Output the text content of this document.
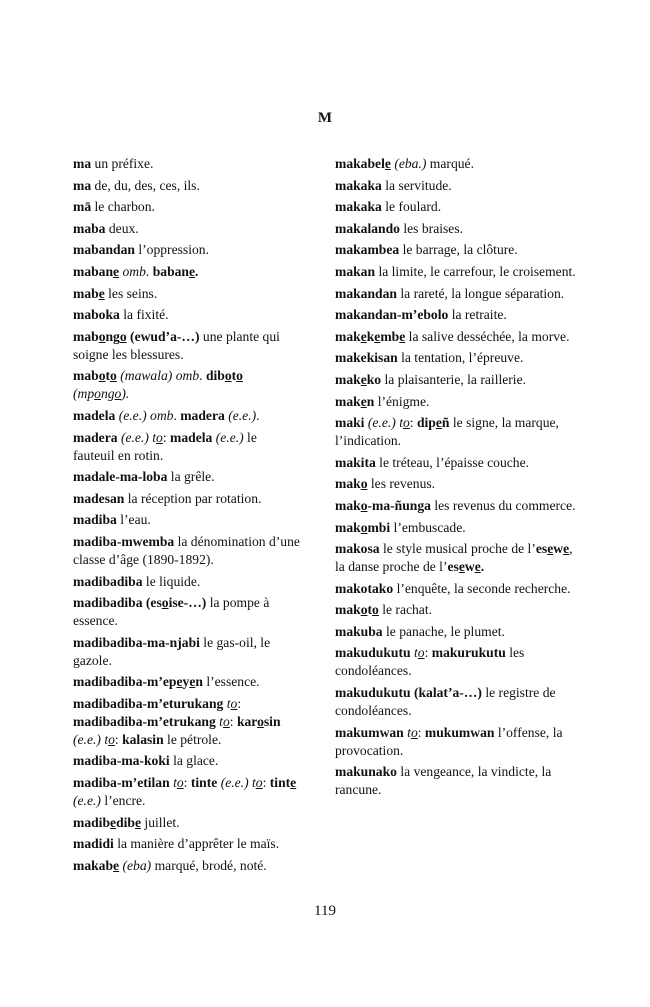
M
ma un préfixe.
ma de, du, des, ces, ils.
mā le charbon.
maba deux.
mabandan l’oppression.
mabane omb. babane.
mabe les seins.
maboka la fixité.
mabongo (ewud’a-…) une plante qui soigne les blessures.
maboto (mawala) omb. diboto (mpongo).
madela (e.e.) omb. madera (e.e.).
madera (e.e.) to: madela (e.e.) le fauteuil en rotin.
madale-ma-loba la grêle.
madesan la réception par rotation.
madiba l’eau.
madiba-mwemba la dénomination d’une classe d’âge (1890-1892).
madibadiba le liquide.
madibadiba (esoise-…) la pompe à essence.
madibadiba-ma-njabi le gas-oil, le gazole.
madibadiba-m’epeyen l’essence.
madibadiba-m’eturukang to: madibadiba-m’etrukang to: karosin (e.e.) to: kalasin le pétrole.
madiba-ma-koki la glace.
madiba-m’etilan to: tinte (e.e.) to: tinte (e.e.) l’encre.
madibedibe juillet.
madidi la manière d’apprêter le maïs.
makabe (eba) marqué, brodé, noté.
makabele (eba.) marqué.
makaka la servitude.
makaka le foulard.
makalando les braises.
makambea le barrage, la clôture.
makan la limite, le carrefour, le croisement.
makandan la rareté, la longue séparation.
makandan-m’ebolo la retraite.
makekembe la salive desséchée, la morve.
makekisan la tentation, l’épreuve.
makeko la plaisanterie, la raillerie.
maken l’énigme.
maki (e.e.) to: dipeñ le signe, la marque, l’indication.
makita le tréteau, l’épaisse couche.
mako les revenus.
mako-ma-ñunga les revenus du commerce.
makombi l’embuscade.
makosa le style musical proche de l’esewe, la danse proche de l’esewe.
makotako l’enquête, la seconde recherche.
makoto le rachat.
makuba le panache, le plumet.
makudukutu to: makurukutu les condoléances.
makudukutu (kalat’a-…) le registre de condoléances.
makumwan to: mukumwan l’offense, la provocation.
makunako la vengeance, la vindicte, la rancune.
119
